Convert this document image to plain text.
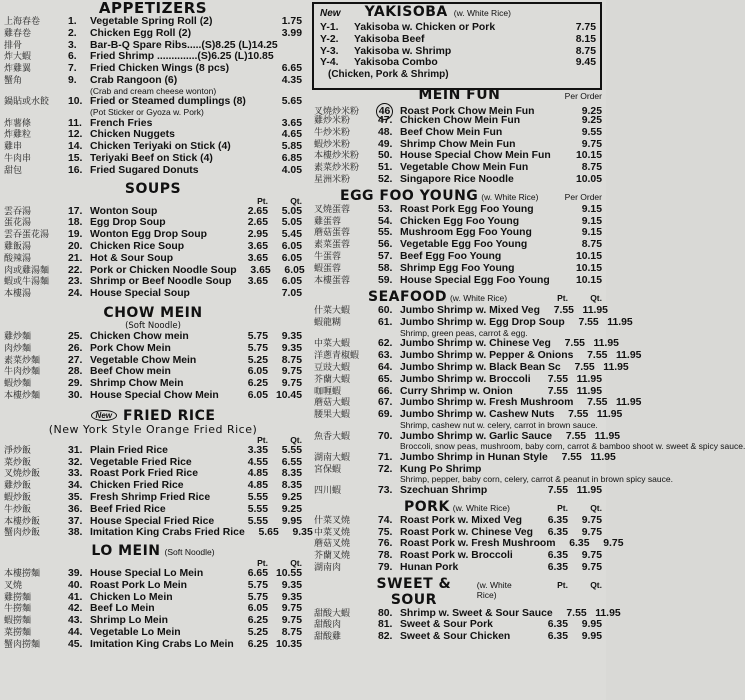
APPETIZERS
上海春卷	1.	Vegetable Spring Roll (2)	1.75
雞春卷	2.	Chicken Egg Roll (2)	3.99
排骨	3.	Bar-B-Q Spare Ribs.....(S)8.25 (L)14.25
炸大蝦	6.	Fried Shrimp ..............(S)6.25 (L)10.85
炸雞翼	7.	Fried Chicken Wings (8 pcs)	6.65
蟹角	9.	Crab Rangoon (6)	4.35
(Crab and cream cheese wonton)
鍋貼或水餃	10. Fried or Steamed dumplings (8)	5.65
(Pot Sticker or Gyoza w. Pork)
炸薯條	11. French Fries	3.65
炸雞粒	12. Chicken Nuggets	4.65
雞串	14. Chicken Teriyaki on Stick (4)	5.85
牛肉串	15. Teriyaki Beef on Stick (4)	6.85
甜包	16. Fried Sugared Donuts	4.05
SOUPS
Pt.	Qt.
雲吞湯	17. Wonton Soup	2.65	5.05
蛋花湯	18. Egg Drop Soup	2.65	5.05
雲吞蛋花湯	19. Wonton Egg Drop Soup	2.95	5.45
雞飯湯	20. Chicken Rice Soup	3.65	6.05
酸辣湯	21. Hot & Sour Soup	3.65	6.05
肉或雞湯麵	22. Pork or Chicken Noodle Soup	3.65	6.05
蝦或牛湯麵	23. Shrimp or Beef Noodle Soup	3.65	6.05
本樓湯	24. House Special Soup	7.05
CHOW MEIN
(Soft Noodle)
雞炒麵	25. Chicken Chow mein	5.75	9.35
肉炒麵	26. Pork Chow Mein	5.75	9.35
素菜炒麵	27. Vegetable Chow Mein	5.25	8.75
牛肉炒麵	28. Beef Chow mein	6.05	9.75
蝦炒麵	29. Shrimp Chow Mein	6.25	9.75
本樓炒麵	30. House Special Chow Mein	6.05 10.45
New FRIED RICE
(New York Style Orange Fried Rice)
Pt.	Qt.
淨炒飯	31. Plain Fried Rice	3.35	5.55
菜炒飯	32. Vegetable Fried Rice	4.55	6.55
叉燒炒飯	33. Roast Pork Fried Rice	4.85	8.35
雞炒飯	34. Chicken Fried Rice	4.85	8.35
蝦炒飯	35. Fresh Shrimp Fried Rice	5.55	9.25
牛炒飯	36. Beef Fried Rice	5.55	9.25
本樓炒飯	37. House Special Fried Rice	5.55	9.95
蟹肉炒飯	38. Imitation King Crabs Fried Rice	5.65	9.35
LO MEIN (Soft Noodle)
Pt.	Qt.
本樓撈麵	39. House Special Lo Mein	6.65 10.55
叉燒	40. Roast Pork Lo Mein	5.75	9.35
雞撈麵	41. Chicken Lo Mein	5.75	9.35
牛撈麵	42. Beef Lo Mein	6.05	9.75
蝦撈麵	43. Shrimp Lo Mein	6.25	9.75
菜撈麵	44. Vegetable Lo Mein	5.25	8.75
蟹肉撈麵	45. Imitation King Crabs Lo Mein	6.25 10.35
New YAKISOBA (w. White Rice)
Y-1.	Yakisoba w. Chicken or Pork	7.75
Y-2.	Yakisoba Beef	8.15
Y-3.	Yakisoba w. Shrimp	8.75
Y-4.	Yakisoba Combo	9.45
(Chicken, Pork & Shrimp)
MEIN FUN	Per Order
叉燒炒米粉	46 Roast Pork Chow Mein Fun	9.25
雞炒米粉	47. Chicken Chow Mein Fun	9.25
牛炒米粉	48. Beef Chow Mein Fun	9.55
蝦炒米粉	49. Shrimp Chow Mein Fun	9.75
本樓炒米粉	50. House Special Chow Mein Fun	10.15
素菜炒米粉	51. Vegetable Chow Mein Fun	8.75
星洲米粉	52. Singapore Rice Noodle	10.05
EGG FOO YOUNG (w. White Rice)	Per Order
叉燒蛋蓉	53. Roast Pork Egg Foo Young	9.15
雞蛋蓉	54. Chicken Egg Foo Young	9.15
蘑菇蛋蓉	55. Mushroom Egg Foo Young	9.15
素菜蛋蓉	56. Vegetable Egg Foo Young	8.75
牛蛋蓉	57. Beef Egg Foo Young	10.15
蝦蛋蓉	58. Shrimp Egg Foo Young	10.15
本樓蛋蓉	59. House Special Egg Foo Young	10.15
SEAFOOD (w. White Rice)	Pt.	Qt.
什菜大蝦	60. Jumbo Shrimp w. Mixed Veg	7.55 11.95
蝦龍糊	61. Jumbo Shrimp w. Egg Drop Soup	7.55 11.95
Shrimp, green peas, carrot & egg.
中菜大蝦	62. Jumbo Shrimp w. Chinese Veg	7.55 11.95
洋蔥青椒蝦	63. Jumbo Shrimp w. Pepper & Onions	7.55 11.95
豆豉大蝦	64. Jumbo Shrimp w. Black Bean Sc	7.55 11.95
芥蘭大蝦	65. Jumbo Shrimp w. Broccoli	7.55 11.95
咖喱蝦	66. Curry Shrimp w. Onion	7.55 11.95
蘑菇大蝦	67. Jumbo Shrimp w. Fresh Mushroom	7.55 11.95
腰果大蝦	69. Jumbo Shrimp w. Cashew Nuts	7.55 11.95
Shrimp, cashew nut w. celery, carrot in brown sauce.
魚香大蝦	70. Jumbo Shrimp w. Garlic Sauce	7.55 11.95
Broccoli, snow peas, mushroom, baby corn, carrot & bamboo shoot w. sweet & spicy sauce.
湖南大蝦	71. Jumbo Shrimp in Hunan Style	7.55 11.95
宮保蝦	72. Kung Po Shrimp
Shrimp, pepper, baby corn, celery, carrot & peanut in brown spicy sauce.
四川蝦	73. Szechuan Shrimp	7.55 11.95
PORK (w. White Rice)	Pt.	Qt.
什菜叉燒	74. Roast Pork w. Mixed Veg	6.35	9.75
中菜叉燒	75. Roast Pork w. Chinese Veg	6.35	9.75
蘑菇叉燒	76. Roast Pork w. Fresh Mushroom	6.35	9.75
芥蘭叉燒	78. Roast Pork w. Broccoli	6.35	9.75
湖南肉	79. Hunan Pork	6.35	9.75
SWEET & SOUR
(w. White Rice)
Pt.	Qt.
甜酸大蝦	80. Shrimp w. Sweet & Sour Sauce	7.55 11.95
甜酸肉	81. Sweet & Sour Pork	6.35	9.95
甜酸雞	82. Sweet & Sour Chicken	6.35	9.95
